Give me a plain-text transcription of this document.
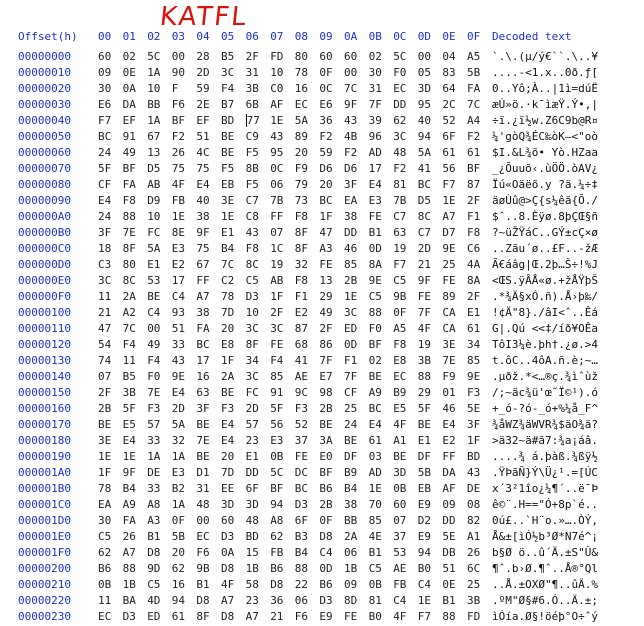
KATFL

Offset(h)

00	01	02	03	04	05	06	07	08	09	0A	0B	0C	0D	0E	0F

	Decoded text

00000000 60	02	5C	00	28	B5	2F	FD	80	60	60	02	5C	00	04	A5	`.\.(µ/ý€``.\..¥
00000010 09	0E	1A	90	2D	3C	31	10	78	0F	00	30	F0	05	83	5B	....-<1.x..0ð.ƒ[
00000020 30	0A	10	F	59	F4	3B	C0	16	0C	7C	31	EC	3D	64	FA	0..Yô;À..|1ì=dúË
00000030 E6	DA	BB	F6	2E	B7	6B	AF	EC	E6	9F	7F	DD	95	2C	7C	æÚ»ö.·k¯ìæŸ.Ý•,|
00000040 F7	EF	1A	BF	EF	BD	77 1E	5A	36	43	39	62	40	52	A4	÷ï.¿ï½w.Z6C9b@R¤
00000050 BC	91	67	F2	51	BE	C9	43	89	F2	4B	96	3C	94	6F	F2	¼'gòQ¾ÉC‰òK–<"oò
00000060 24	49	13	26	4C	BE	F5	95	20	59	F2	AD	48	5A	61	61	$I.&L¾õ• Yò.HZaa
00000070 5F	BF	D5	75	75	F5	8B	0C	F9	D6	D6	17	F2	41	56	BF	_¿Õuuõ‹.ùÖÖ.òAV¿
00000080 CF	FA	AB	4F	E4	EB	F5	06	79	20	3F	E4	81	BC	F7	87	Ïú«Oäëõ.y ?ä.¼÷‡
00000090 E4	F8	D9	FB	40	3E	C7	7B	73	BC	EA	E3	7B	D5	1E	2F	äøÙû@>Ç{s¼êã{Õ./
000000A0 24	88	10	1E	38	1E	C8	FF	F8	1F	38	FE	C7	8C	A7	F1	$ˆ..8.Èÿø.8þÇŒ§ñ
000000B0 3F	7E	FC	8E	9F	E1	43	07	8F	47	DD	B1	63	C7	D7	F8	?~üŽŸáC..GÝ±cÇ×ø
000000C0 18	8F	5A	E3	75	B4	F8	1C	8F	A3	46	0D	19	2D	9E	C6	..Zãu´ø..£F..-žÆ
000000D0 C3	80	E1	E2	67	7C	8C	19	32	FE	85	8A	F7	21	25	4A	Ã€áâg|Œ.2þ…Š÷!%J
000000E0 3C	8C	53	17	FF	C2	C5	AB	F8	13	2B	9E	C5	9F	FE	8A	<ŒS.ÿÂÅ«ø.+žÅŸþŠ
000000F0 11	2A	BE	C4	A7	78	D3	1F	F1	29	1E	C5	9B	FE	89	2F	.*¾Ä§xÓ.ñ).Å›þ‰/
00000100 21	A2	C4	93	38	7D	10	2F	E2	49	3C	88	0F	7F	CA	E1	!¢Ä"8}./âI<ˆ..Êá
00000110 47	7C	00	51	FA	20	3C	3C	87	2F	ED	F0	A5	4F	CA	61	G|.Qú <<‡/íð¥OÊa
00000120 54	F4	49	33	BC	E8	8F	FE	68	86	0D	BF	F8	19	3E	34	TôI3¼è.þh†.¿ø.>4
00000130 74	11	F4	43	17	1F	34	F4	41	7F	F1	02	E8	3B	7E	85	t.ôC..4ôA.ñ.è;~…
00000140 07	B5	F0	9E	16	2A	3C	85	AE	E7	7F	BE	EC	88	F9	9E	.µðž.*<…®ç.¾ìˆùž
00000150 2F	3B	7E	E4	63	BE	FC	91	9C	98	CF	A9	B9	29	01	F3	/;~äc¾ü'œ˜Ï©¹).ó
00000160 2B	5F	F3	2D	3F	F3	2D	5F	F3	2B	25	BC	E5	5F	46	5E	+_ó-?ó-_ó+%¼å_F^
00000170 BE	E5	57	5A	BE	E4	57	56	52	BE	24	E4	4F	BE	E4	3F	¾åWZ¾äWVR¾$äO¾ä?
00000180 3E	E4	33	32	7E	E4	23	E3	37	3A	BE	61	A1	E1	E2	1F	>ä32~ä#ã7:¾a¡áâ.
00000190 1E	1E	1A	1A	BE	20	E1	0B	FE	E0	DF	03	BE	DF	FF	BD	....¾ á.þàß.¾ßÿ½
000001A0 1F	9F	DE	E3	D1	7D	DD	5C	DC	BF	B9	AD	3D	5B	DA	43	.ŸÞãÑ}Ý\Ü¿¹.=[ÚC
000001B0 78	B4	33	B2	31	EE	6F	BF	BC	B6	B4	1E	0B	EB	AF	DE	x´3²1îo¿¼¶´..ë¯Þ
000001C0 EA	A9	A8	1A	48	3D	3D	94	D3	2B	38	70	60	E9	09	08	ê©¨.H=="Ó+8p`é..
000001D0 30	FA	A3	0F	00	60	48	A8	6F	0F	BB	85	07	D2	DD	82	0ú£..`H¨o.»….ÒÝ‚
000001E0 C5	26	B1	5B	EC	D3	BD	62	B3	D8	2A	4E	37	E9	5E	A1	Å&±[ìÓ½b³Ø*N7é^¡
000001F0 62	A7	D8	20	F6	0A	15	FB	B4	C4	06	B1	53	94	DB	26	b§Ø ö..û´Ä.±S"Û&
00000200 B6	88	9D	62	9B	D8	1B	B6	88	0D	1B	C5	AE	B0	51	6C	¶ˆ.b›Ø.¶ˆ..Å®°Ql
00000210 0B	1B	C5	16	B1	4F	58	D8	22	B6	09	0B	FB	C4	0E	25	..Å.±OXØ"¶..ûÄ.%
00000220 11	BA	4D	94	D8	A7	23	36	06	D3	8D	81	C4	1E	B1	3B	.ºM"Ø§#6.Ó..Ä.±;
00000230 EC	D3	ED	61	8F	D8	A7	21	F6	E9	FE	B0	4F	F7	88	FD	ìÓía.Ø§!öéþ°O÷ˆý
